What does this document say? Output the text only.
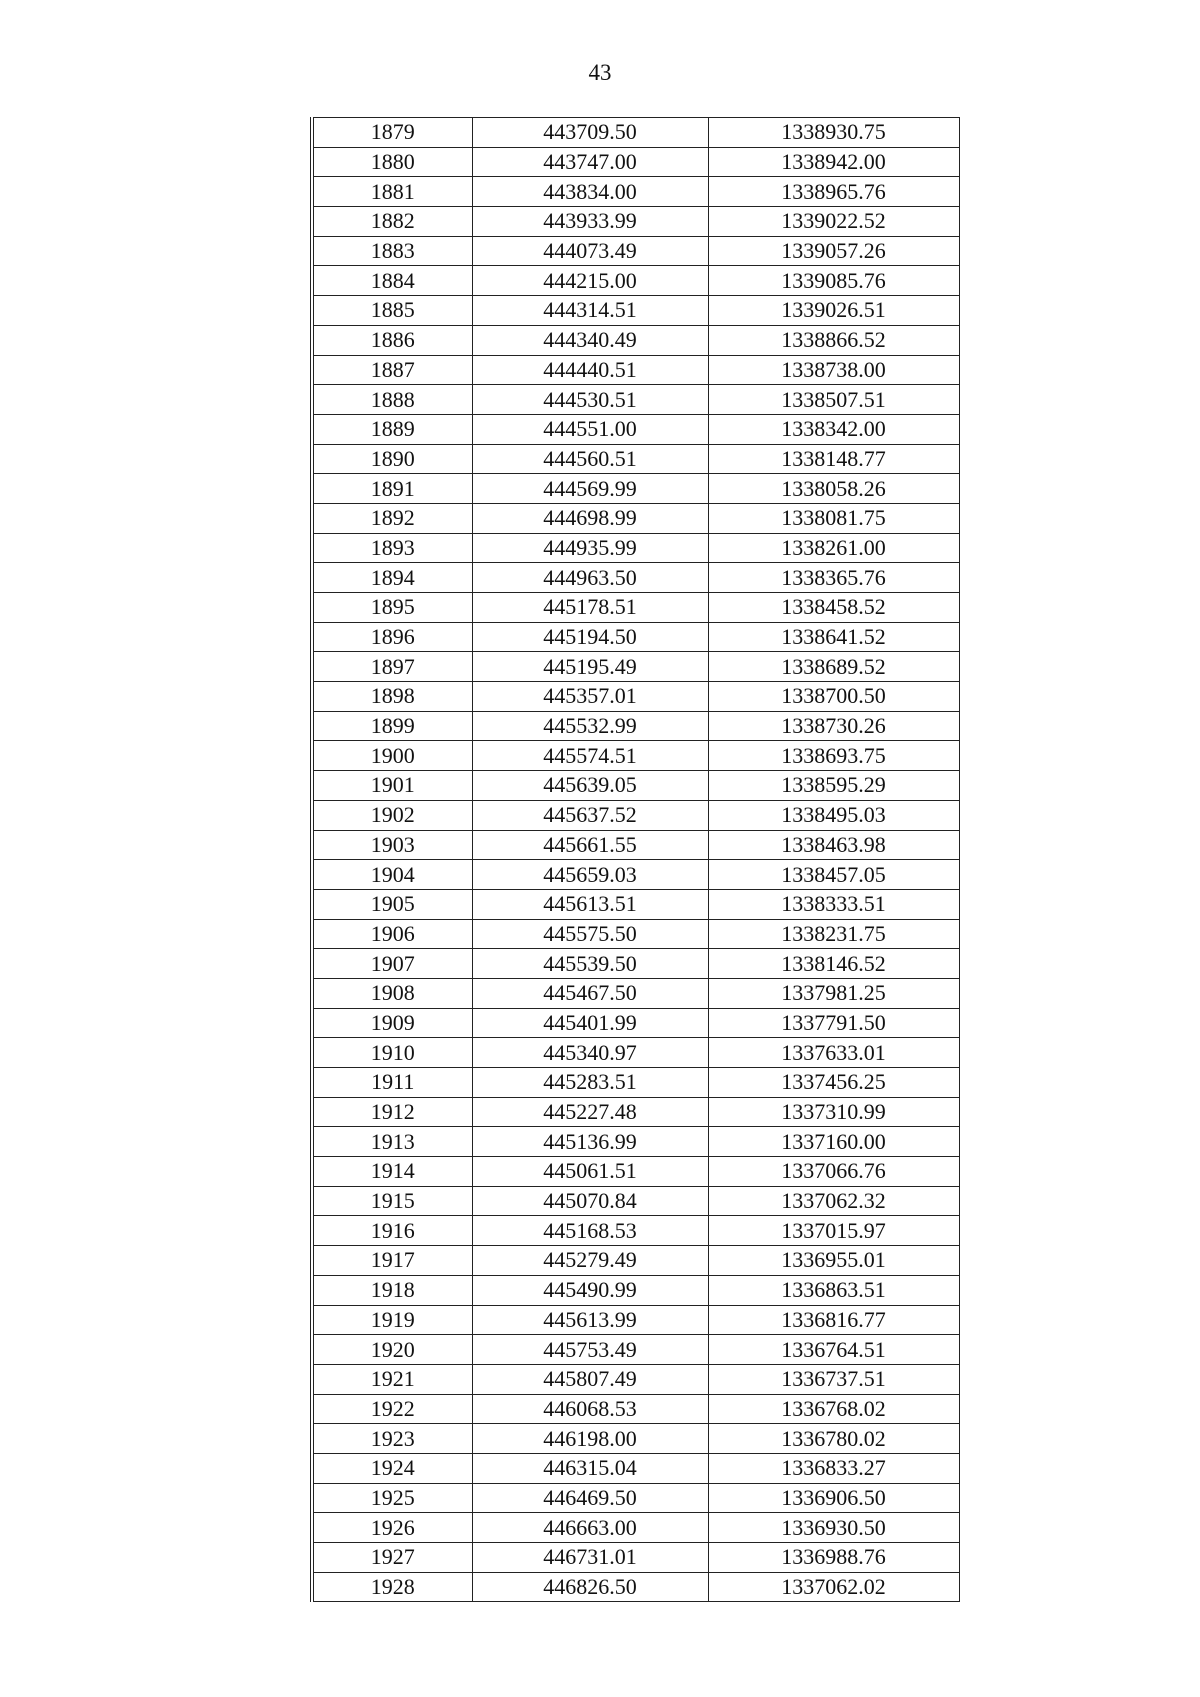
43
1879	443709.50	1338930.75
1880	443747.00	1338942.00
1881	443834.00	1338965.76
1882	443933.99	1339022.52
1883	444073.49	1339057.26
1884	444215.00	1339085.76
1885	444314.51	1339026.51
1886	444340.49	1338866.52
1887	444440.51	1338738.00
1888	444530.51	1338507.51
1889	444551.00	1338342.00
1890	444560.51	1338148.77
1891	444569.99	1338058.26
1892	444698.99	1338081.75
1893	444935.99	1338261.00
1894	444963.50	1338365.76
1895	445178.51	1338458.52
1896	445194.50	1338641.52
1897	445195.49	1338689.52
1898	445357.01	1338700.50
1899	445532.99	1338730.26
1900	445574.51	1338693.75
1901	445639.05	1338595.29
1902	445637.52	1338495.03
1903	445661.55	1338463.98
1904	445659.03	1338457.05
1905	445613.51	1338333.51
1906	445575.50	1338231.75
1907	445539.50	1338146.52
1908	445467.50	1337981.25
1909	445401.99	1337791.50
1910	445340.97	1337633.01
1911	445283.51	1337456.25
1912	445227.48	1337310.99
1913	445136.99	1337160.00
1914	445061.51	1337066.76
1915	445070.84	1337062.32
1916	445168.53	1337015.97
1917	445279.49	1336955.01
1918	445490.99	1336863.51
1919	445613.99	1336816.77
1920	445753.49	1336764.51
1921	445807.49	1336737.51
1922	446068.53	1336768.02
1923	446198.00	1336780.02
1924	446315.04	1336833.27
1925	446469.50	1336906.50
1926	446663.00	1336930.50
1927	446731.01	1336988.76
1928	446826.50	1337062.02
